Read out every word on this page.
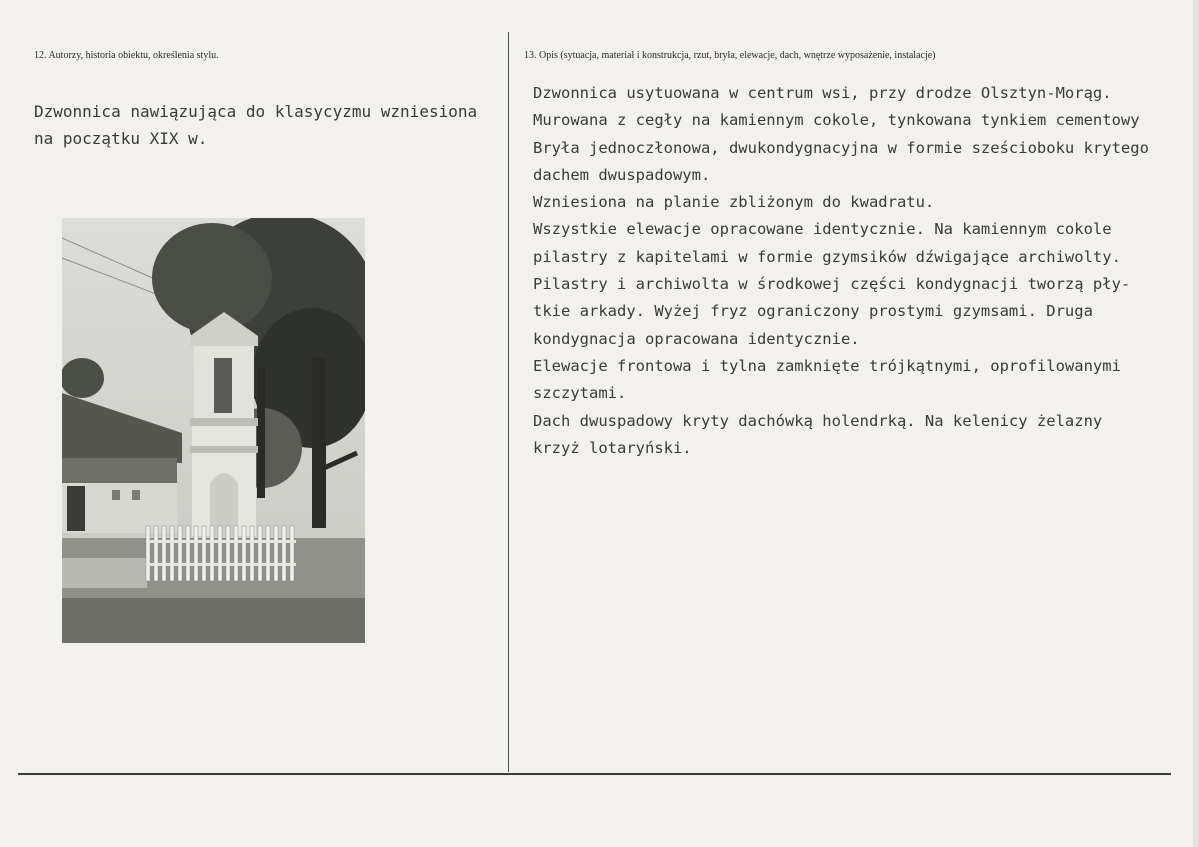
12. Autorzy, historia obiektu, określenia stylu.	13. Opis (sytuacja, materiał i konstrukcja, rzut, bryła, elewacje, dach, wnętrze wyposażenie, instalacje)
Dzwonnica nawiązująca do klasycyzmu wzniesiona
na początku XIX w.
Dzwonnica usytuowana w centrum wsi, przy drodze Olsztyn-Morąg.
Murowana z cegły na kamiennym cokole, tynkowana tynkiem cementowy
Bryła jednoczłonowa, dwukondygnacyjna w formie sześcioboku krytego
dachem dwuspadowym.
Wzniesiona na planie zbliżonym do kwadratu.
Wszystkie elewacje opracowane identycznie. Na kamiennym cokole
pilastry z kapitelami w formie gzymsików dźwigające archiwolty.
Pilastry i archiwolta w środkowej części kondygnacji tworzą pły-
tkie arkady. Wyżej fryz ograniczony prostymi gzymsami. Druga
kondygnacja opracowana identycznie.
Elewacje frontowa i tylna zamknięte trójkątnymi, oprofilowanymi
szczytami.
Dach dwuspadowy kryty dachówką holendrką. Na kelenicy żelazny
krzyż lotaryński.
